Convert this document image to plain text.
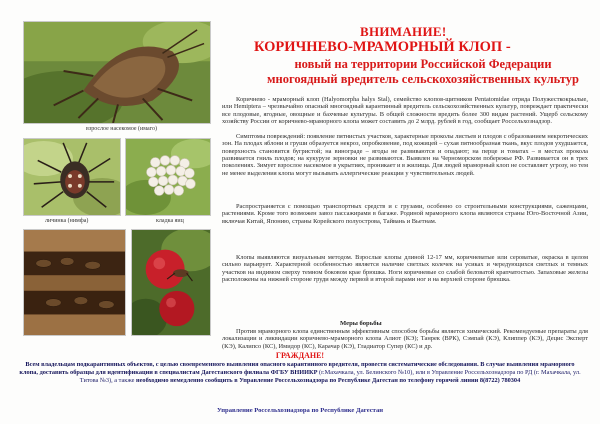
взрослое насекомое (имаго)
личинка (нимфа)	кладка яиц
ВНИМАНИЕ!
КОРИЧНЕВО-МРАМОРНЫЙ КЛОП -
новый на территории Российской Федерации
многоядный вредитель сельскохозяйственных культур

Коричнево - мраморный клоп (Halyomorpha halys Stal), семейство клопов-щитников Pentatomidae отряда Полужесткокрылые, или Hemiptera – чрезвычайно опасный многоядный карантинный вредитель сельскохозяйственных культур, повреждает практически все плодовые, ягодные, овощные и бахчевые культуры. В общей сложности вредить более 300 видам растений. Ущерб сельскому хозяйству России от коричнево-мраморного клопа может составить до 2 млрд. рублей в год, сообщает Россельхознадзор.

Симптомы повреждений: появление пятнистых участков, характерные проколы листьев и плодов с образованием некротических зон. На плодах яблони и груши образуется некроз, опробковение, под кожицей – сухая пятнообразная ткань, вкус плодов ухудшается, поверхность становится бугристой; на винограде – ягоды не развиваются и опадают; на перце и томатах – в местах прокола развивается гниль плодов; на кукурузе зерновки не развиваются. Выявлен на Черноморском побережье РФ. Развивается он в трех поколениях. Зимует взрослое насекомое в укрытиях, проникает и в жилища. Для людей мраморный клоп не составляет угрозу, но тем не менее выделения клопа могут вызывать аллергические реакции у чувствительных людей.

Распространяется с помощью транспортных средств и с грузами, особенно со строительными конструкциями, саженцами, растениями. Кроме того возможен завоз пассажирами в багаже. Родиной мраморного клопа являются страны Юго-Восточной Азии, включая Китай, Японию, страны Корейского полуострова, Тайвань и Вьетнам.

Клопы выявляются визуальным методом. Взрослые клопы длиной 12-17 мм, коричневатые или сероватые, окраска в целом сильно варьирует. Характерной особенностью является наличие светлых колечек на усиках и чередующихся светлых и темных участков на видимом сверху темном боковом крае брюшка. Ноги коричневые со слабой беловатой крапчатостью. Запаховые железы расположены на нижней стороне груди между первой и второй парами ног и на верхней стороне брюшка.

Меры борьбы

Против мраморного клопа единственным эффективным способом борьбы является химический. Рекомендуемые препараты для локализации и ликвидации коричнево-мраморного клопа Алиот (КЭ); Танрек (ВРК), Сэмпай (КЭ), Клиппер (КЭ), Децис Эксперт (КЭ), Калипсо (КС), Имидор (КС), Карачар (КЭ), Гладиатор Супер (КС) и др.

ГРАЖДАНЕ!
Всем владельцам подкарантинных объектов, с целью своевременного выявления опасного карантинного вредителя, провести систематические обследования. В случае выявления мраморного клопа, доставить образцы для идентификации в специалистам Дагестанского филиала ФГБУ ВНИИКР (г.Махачкала, ул. Белинского №10), или в Управление Россельхознадзора по РД (г. Махачкала, ул. Титова №3), а также необходимо немедленно сообщить в Управление Россельхознадзора по Республике Дагестан по телефону горячей линии 8(8722) 780304
Управление Россельхознадзора по Республике Дагестан
